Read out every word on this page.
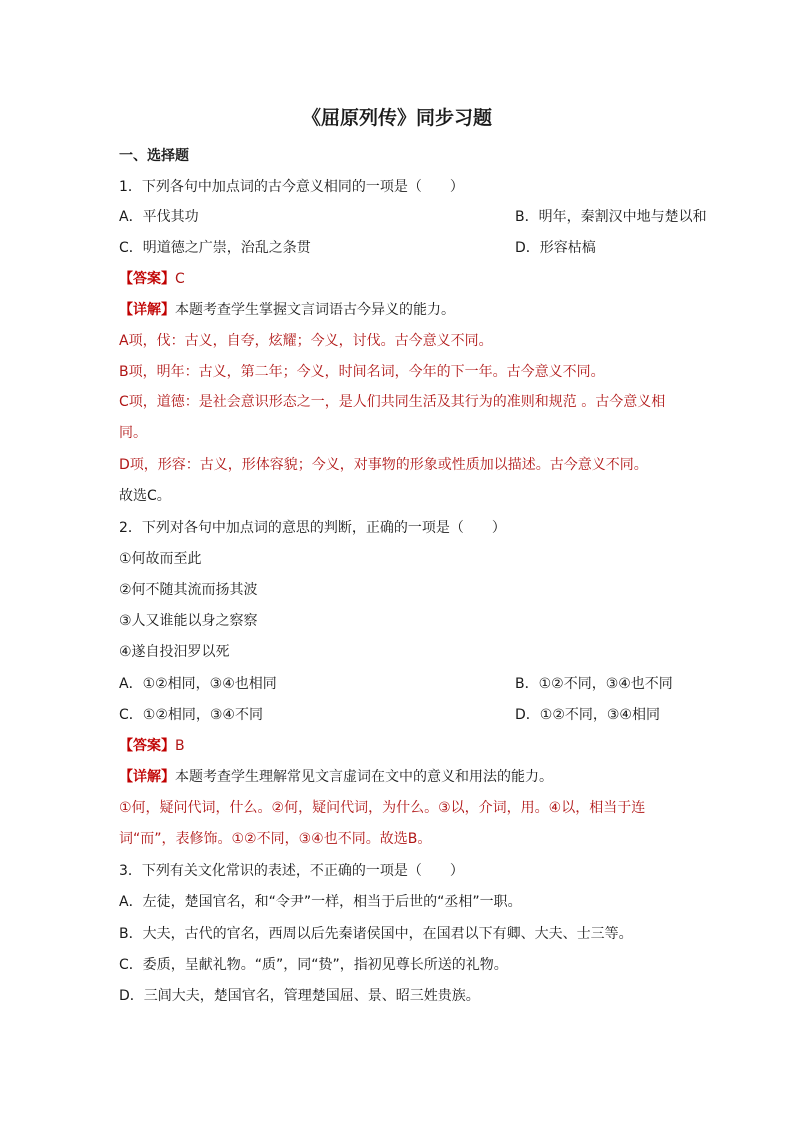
《屈原列传》同步习题
一、选择题
1．下列各句中加点词的古今意义相同的一项是（　　）
A．平伐其功	B．明年，秦割汉中地与楚以和
C．明道德之广崇，治乱之条贯	D．形容枯槁
【答案】C
【详解】本题考查学生掌握文言词语古今异义的能力。
A项，伐：古义，自夸，炫耀；今义，讨伐。古今意义不同。
B项，明年：古义，第二年；今义，时间名词，今年的下一年。古今意义不同。
C项，道德：是社会意识形态之一，是人们共同生活及其行为的准则和规范 。古今意义相同。
D项，形容：古义，形体容貌；今义，对事物的形象或性质加以描述。古今意义不同。
故选C。
2．下列对各句中加点词的意思的判断，正确的一项是（　　）
①何故而至此
②何不随其流而扬其波
③人又谁能以身之察察
④遂自投汨罗以死
A．①②相同，③④也相同	B．①②不同，③④也不同
C．①②相同，③④不同	D．①②不同，③④相同
【答案】B
【详解】本题考查学生理解常见文言虚词在文中的意义和用法的能力。
①何，疑问代词，什么。②何，疑问代词，为什么。③以，介词，用。④以，相当于连词“而”，表修饰。①②不同，③④也不同。故选B。
3．下列有关文化常识的表述，不正确的一项是（　　）
A．左徒，楚国官名，和“令尹”一样，相当于后世的“丞相”一职。
B．大夫，古代的官名，西周以后先秦诸侯国中，在国君以下有卿、大夫、士三等。
C．委质，呈献礼物。“质”，同“贽”，指初见尊长所送的礼物。
D．三闾大夫，楚国官名，管理楚国屈、景、昭三姓贵族。
